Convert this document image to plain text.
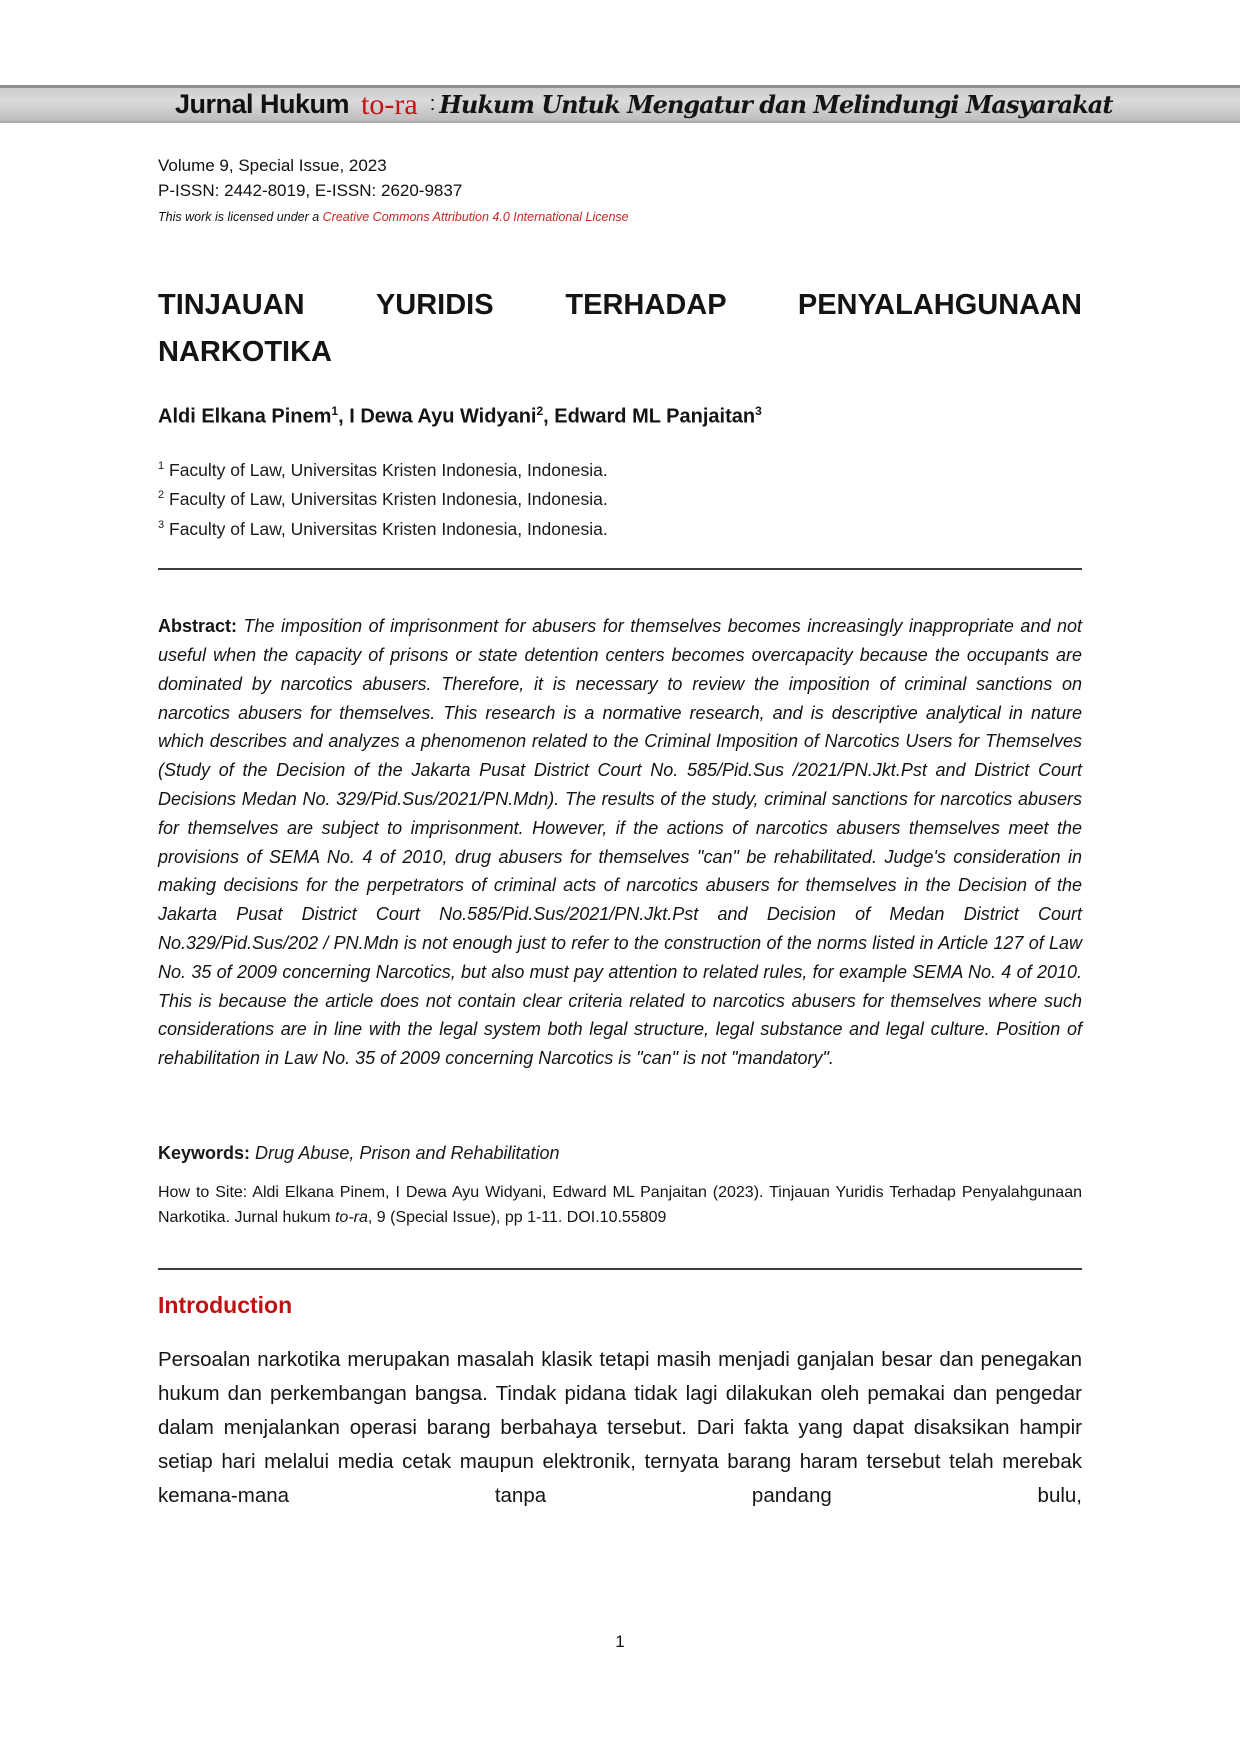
Jurnal Hukum to-ra : Hukum Untuk Mengatur dan Melindungi Masyarakat
Volume 9, Special Issue, 2023
P-ISSN: 2442-8019, E-ISSN: 2620-9837
This work is licensed under a Creative Commons Attribution 4.0 International License
TINJAUAN YURIDIS TERHADAP PENYALAHGUNAAN NARKOTIKA
Aldi Elkana Pinem$^1$, I Dewa Ayu Widyani$^2$, Edward ML Panjaitan$^3$
$^1$ Faculty of Law, Universitas Kristen Indonesia, Indonesia.
$^2$ Faculty of Law, Universitas Kristen Indonesia, Indonesia.
$^3$ Faculty of Law, Universitas Kristen Indonesia, Indonesia.

Abstract: The imposition of imprisonment for abusers for themselves becomes increasingly inappropriate and not useful when the capacity of prisons or state detention centers becomes overcapacity because the occupants are dominated by narcotics abusers. Therefore, it is necessary to review the imposition of criminal sanctions on narcotics abusers for themselves. This research is a normative research, and is descriptive analytical in nature which describes and analyzes a phenomenon related to the Criminal Imposition of Narcotics Users for Themselves (Study of the Decision of the Jakarta Pusat District Court No. 585/Pid.Sus /2021/PN.Jkt.Pst and District Court Decisions Medan No. 329/Pid.Sus/2021/PN.Mdn). The results of the study, criminal sanctions for narcotics abusers for themselves are subject to imprisonment. However, if the actions of narcotics abusers themselves meet the provisions of SEMA No. 4 of 2010, drug abusers for themselves "can" be rehabilitated. Judge's consideration in making decisions for the perpetrators of criminal acts of narcotics abusers for themselves in the Decision of the Jakarta Pusat District Court No.585/Pid.Sus/2021/PN.Jkt.Pst and Decision of Medan District Court No.329/Pid.Sus/202 / PN.Mdn is not enough just to refer to the construction of the norms listed in Article 127 of Law No. 35 of 2009 concerning Narcotics, but also must pay attention to related rules, for example SEMA No. 4 of 2010. This is because the article does not contain clear criteria related to narcotics abusers for themselves where such considerations are in line with the legal system both legal structure, legal substance and legal culture. Position of rehabilitation in Law No. 35 of 2009 concerning Narcotics is "can" is not "mandatory".

Keywords: Drug Abuse, Prison and Rehabilitation

How to Site: Aldi Elkana Pinem, I Dewa Ayu Widyani, Edward ML Panjaitan (2023). Tinjauan Yuridis Terhadap Penyalahgunaan Narkotika. Jurnal hukum to-ra, 9 (Special Issue), pp 1-11. DOI.10.55809

Introduction

Persoalan narkotika merupakan masalah klasik tetapi masih menjadi ganjalan besar dan penegakan hukum dan perkembangan bangsa. Tindak pidana tidak lagi dilakukan oleh pemakai dan pengedar dalam menjalankan operasi barang berbahaya tersebut. Dari fakta yang dapat disaksikan hampir setiap hari melalui media cetak maupun elektronik, ternyata barang haram tersebut telah merebak kemana-mana tanpa pandang bulu,

1
